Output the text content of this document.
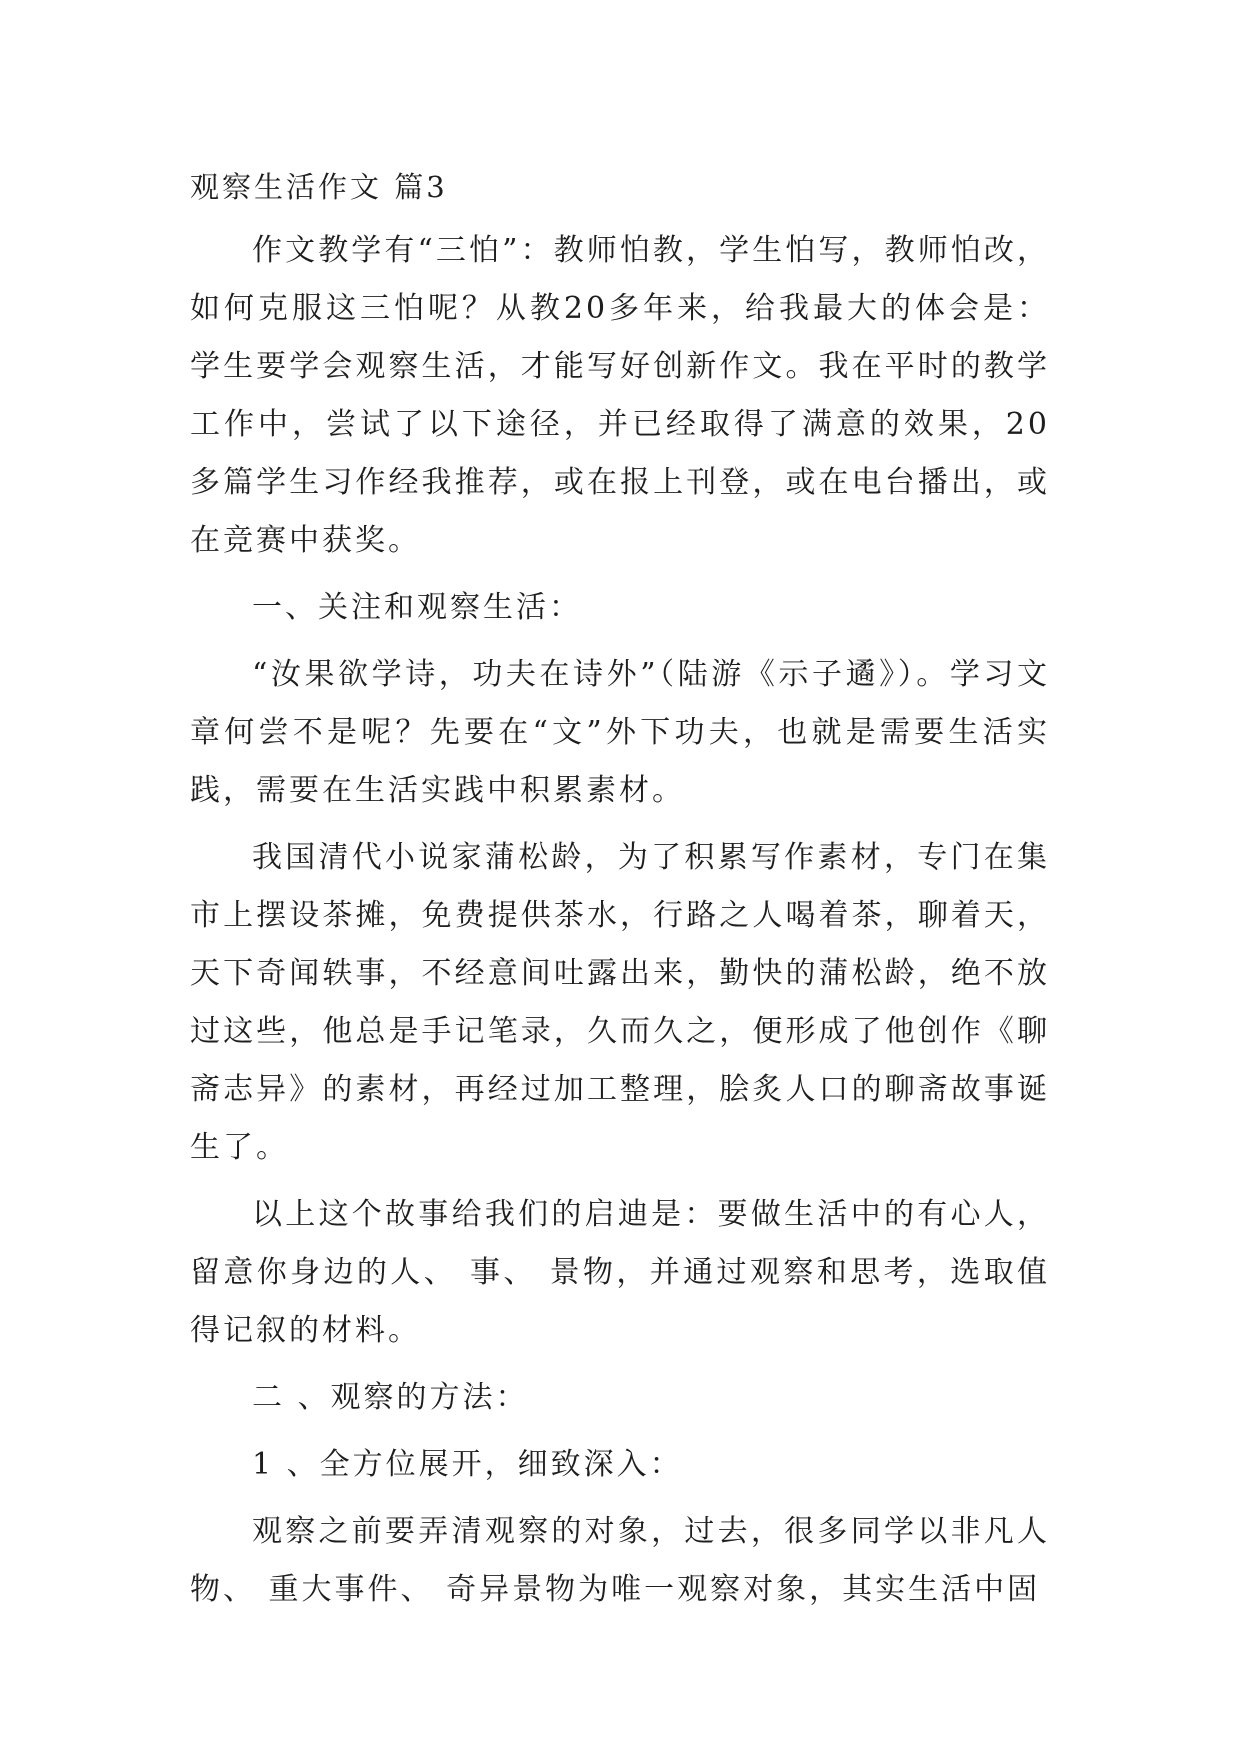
观察生活作文 篇3

作文教学有“三怕”：教师怕教，学生怕写，教师怕改，如何克服这三怕呢？从教20多年来，给我最大的体会是：学生要学会观察生活，才能写好创新作文。我在平时的教学工作中，尝试了以下途径，并已经取得了满意的效果，20多篇学生习作经我推荐，或在报上刊登，或在电台播出，或在竞赛中获奖。

一、关注和观察生活：

“汝果欲学诗，功夫在诗外”（陆游《示子遹》）。学习文章何尝不是呢？先要在“文”外下功夫，也就是需要生活实践，需要在生活实践中积累素材。

我国清代小说家蒲松龄，为了积累写作素材，专门在集市上摆设茶摊，免费提供茶水，行路之人喝着茶，聊着天，天下奇闻轶事，不经意间吐露出来，勤快的蒲松龄，绝不放过这些，他总是手记笔录，久而久之，便形成了他创作《聊斋志异》的素材，再经过加工整理，脍炙人口的聊斋故事诞生了。

以上这个故事给我们的启迪是：要做生活中的有心人，留意你身边的人、 事、 景物，并通过观察和思考，选取值得记叙的材料。

二 、观察的方法：

1 、全方位展开，细致深入：

观察之前要弄清观察的对象，过去，很多同学以非凡人物、 重大事件、 奇异景物为唯一观察对象，其实生活中固
